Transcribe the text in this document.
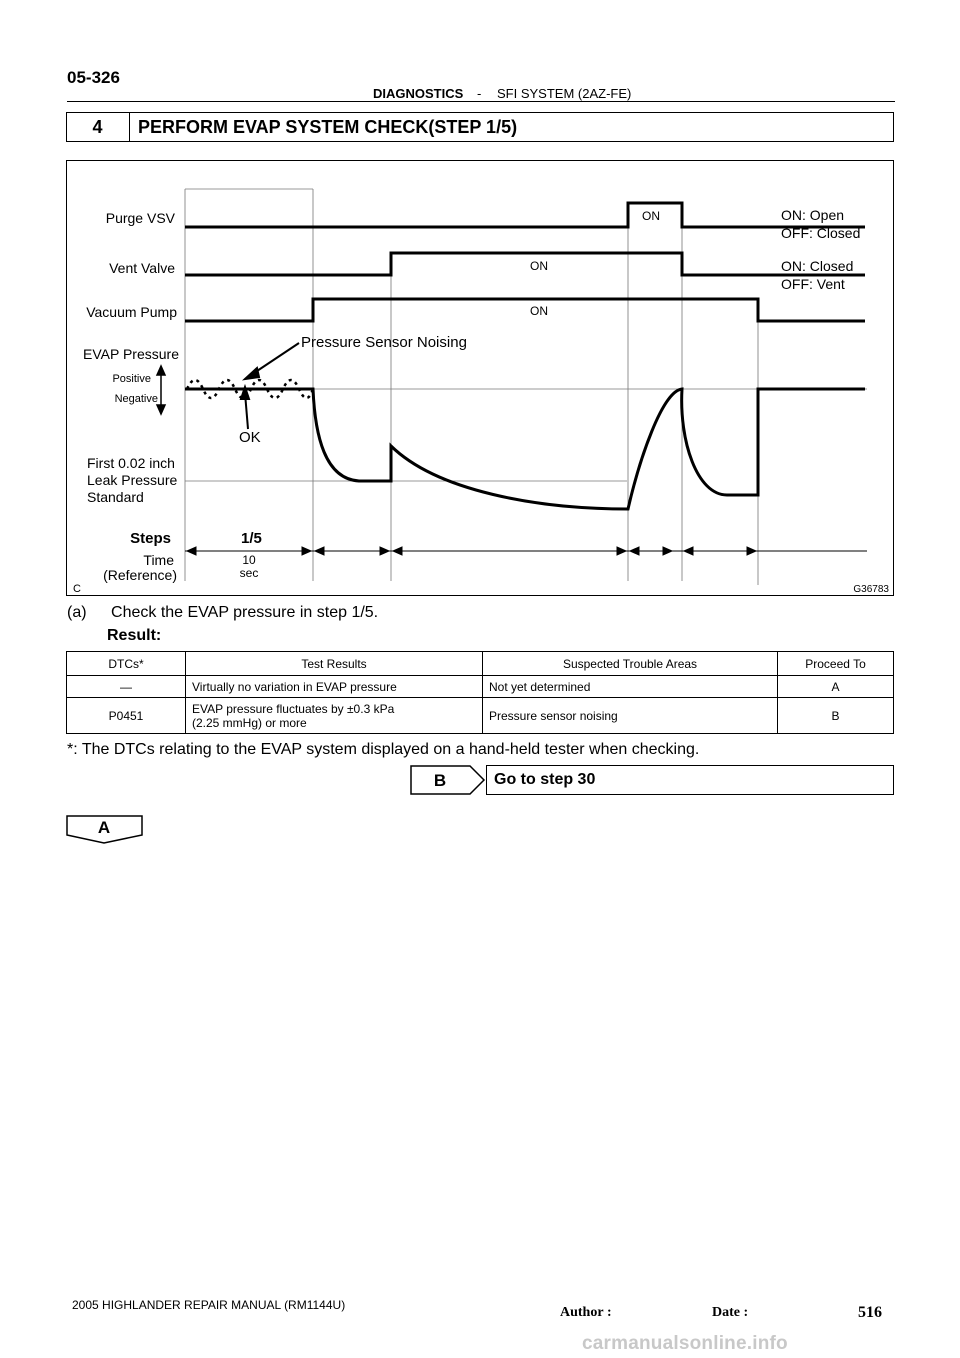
05-326
DIAGNOSTICS - SFI SYSTEM (2AZ-FE)
4	PERFORM EVAP SYSTEM CHECK(STEP 1/5)
ON
ON
ON
Purge VSV
Vent Valve
Vacuum Pump
EVAP Pressure
Positive
Negative
First 0.02 inch
Leak Pressure
Standard
Steps
Time
(Reference)
ON: Open
OFF: Closed
ON: Closed
OFF: Vent
Pressure Sensor Noising
OK
1/5
10
sec
C	G36783
(a) Check the EVAP pressure in step 1/5.
Result:
DTCs*	Test Results	Suspected Trouble Areas	Proceed To
—	Virtually no variation in EVAP pressure	Not yet determined	A
P0451	EVAP pressure fluctuates by ±0.3 kPa
(2.25 mmHg) or more	Pressure sensor noising	B
*: The DTCs relating to the EVAP system displayed on a hand-held tester when checking.
B	Go to step 30
A
2005 HIGHLANDER REPAIR MANUAL (RM1144U)	Author :	Date :	516
carmanualsonline.info
